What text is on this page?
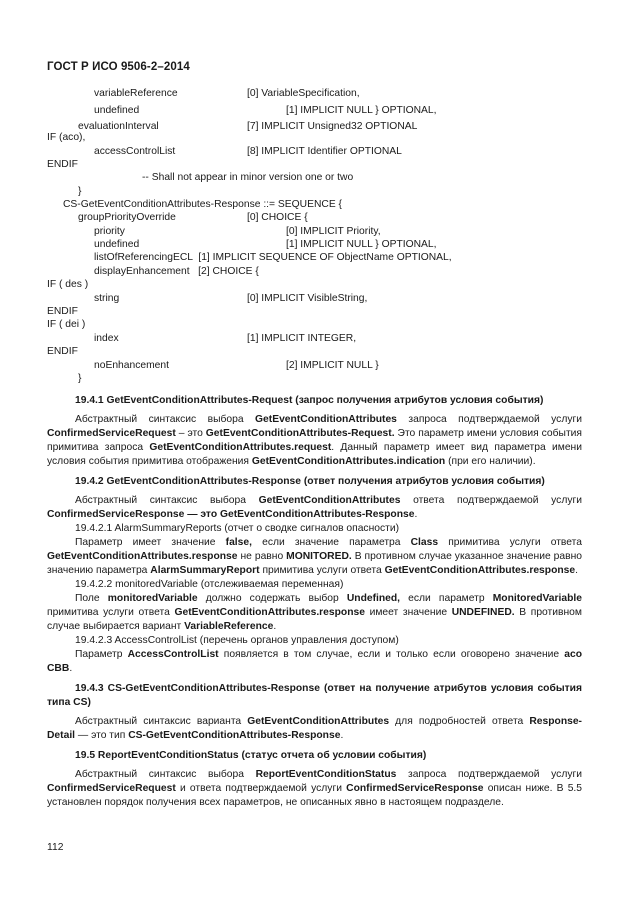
ГОСТ Р ИСО 9506-2–2014
variableReference	[0] VariableSpecification,
undefined	[1] IMPLICIT NULL } OPTIONAL,
evaluationInterval	[7] IMPLICIT Unsigned32 OPTIONAL
IF (aco),
accessControlList	[8] IMPLICIT Identifier OPTIONAL
ENDIF
-- Shall not appear in minor version one or two
}
CS-GetEventConditionAttributes-Response ::= SEQUENCE {
groupPriorityOverride	[0] CHOICE {
priority	[0] IMPLICIT Priority,
undefined	[1] IMPLICIT NULL } OPTIONAL,
listOfReferencingECL  [1] IMPLICIT SEQUENCE OF ObjectName OPTIONAL,
displayEnhancement   [2] CHOICE {
IF ( des )
string	[0] IMPLICIT VisibleString,
ENDIF
IF ( dei )
index	[1] IMPLICIT INTEGER,
ENDIF
noEnhancement	[2] IMPLICIT NULL }
}

19.4.1 GetEventConditionAttributes-Request (запрос получения атрибутов условия события)

Абстрактный синтаксис выбора GetEventConditionAttributes запроса подтверждаемой услуги ConfirmedServiceRequest – это GetEventConditionAttributes-Request. Это параметр имени условия события примитива запроса GetEventConditionAttributes.request. Данный параметр имеет вид параметра имени условия события примитива отображения GetEventConditionAttributes.indication (при его наличии).

19.4.2 GetEventConditionAttributes-Response (ответ получения атрибутов условия события)

Абстрактный синтаксис выбора GetEventConditionAttributes ответа подтверждаемой услуги ConfirmedServiceResponse — это GetEventConditionAttributes-Response.

19.4.2.1 AlarmSummaryReports (отчет о сводке сигналов опасности)

Параметр имеет значение false, если значение параметра Class примитива услуги ответа GetEventConditionAttributes.response не равно MONITORED. В противном случае указанное значение равно значению параметра AlarmSummaryReport примитива услуги ответа GetEventConditionAttributes.response.

19.4.2.2 monitoredVariable (отслеживаемая переменная)

Поле monitoredVariable должно содержать выбор Undefined, если параметр MonitoredVariable примитива услуги ответа GetEventConditionAttributes.response имеет значение UNDEFINED. В противном случае выбирается вариант VariableReference.

19.4.2.3 AccessControlList (перечень органов управления доступом)

Параметр AccessControlList появляется в том случае, если и только если оговорено значение aco CBB.

19.4.3 CS-GetEventConditionAttributes-Response (ответ на получение атрибутов условия события типа CS)

Абстрактный синтаксис варианта GetEventConditionAttributes для подробностей ответа Response-Detail — это тип CS-GetEventConditionAttributes-Response.

19.5 ReportEventConditionStatus (статус отчета об условии события)

Абстрактный синтаксис выбора ReportEventConditionStatus запроса подтверждаемой услуги ConfirmedServiceRequest и ответа подтверждаемой услуги ConfirmedServiceResponse описан ниже. В 5.5 установлен порядок получения всех параметров, не описанных явно в настоящем подразделе.

112
